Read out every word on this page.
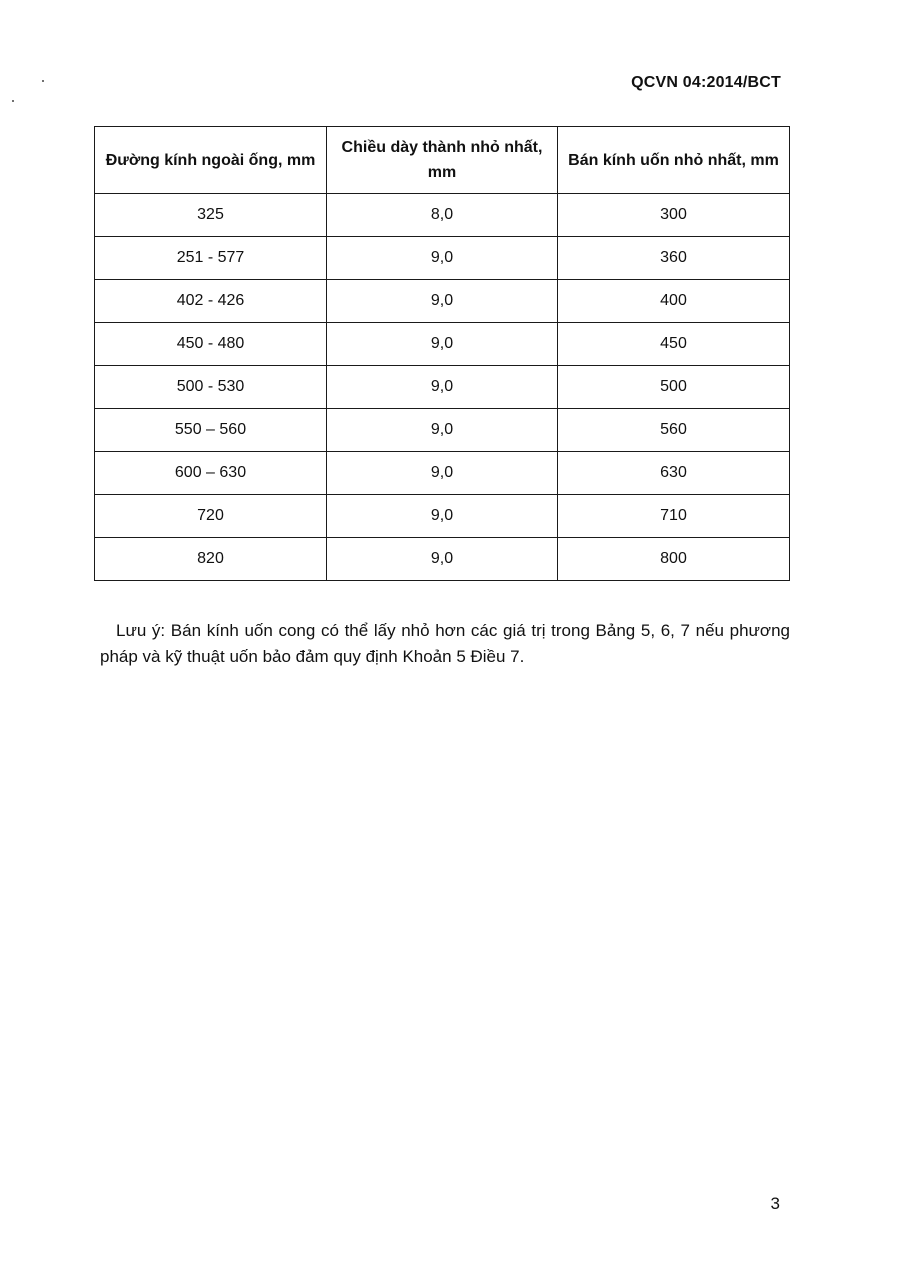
QCVN 04:2014/BCT
Đường kính ngoài ống, mm	Chiều dày thành nhỏ nhất, mm	Bán kính uốn nhỏ nhất, mm
325	8,0	300
251 - 577	9,0	360
402 - 426	9,0	400
450 - 480	9,0	450
500 - 530	9,0	500
550 – 560	9,0	560
600 – 630	9,0	630
720	9,0	710
820	9,0	800

Lưu ý: Bán kính uốn cong có thể lấy nhỏ hơn các giá trị trong Bảng 5, 6, 7 nếu phương pháp và kỹ thuật uốn bảo đảm quy định Khoản 5 Điều 7.

3
